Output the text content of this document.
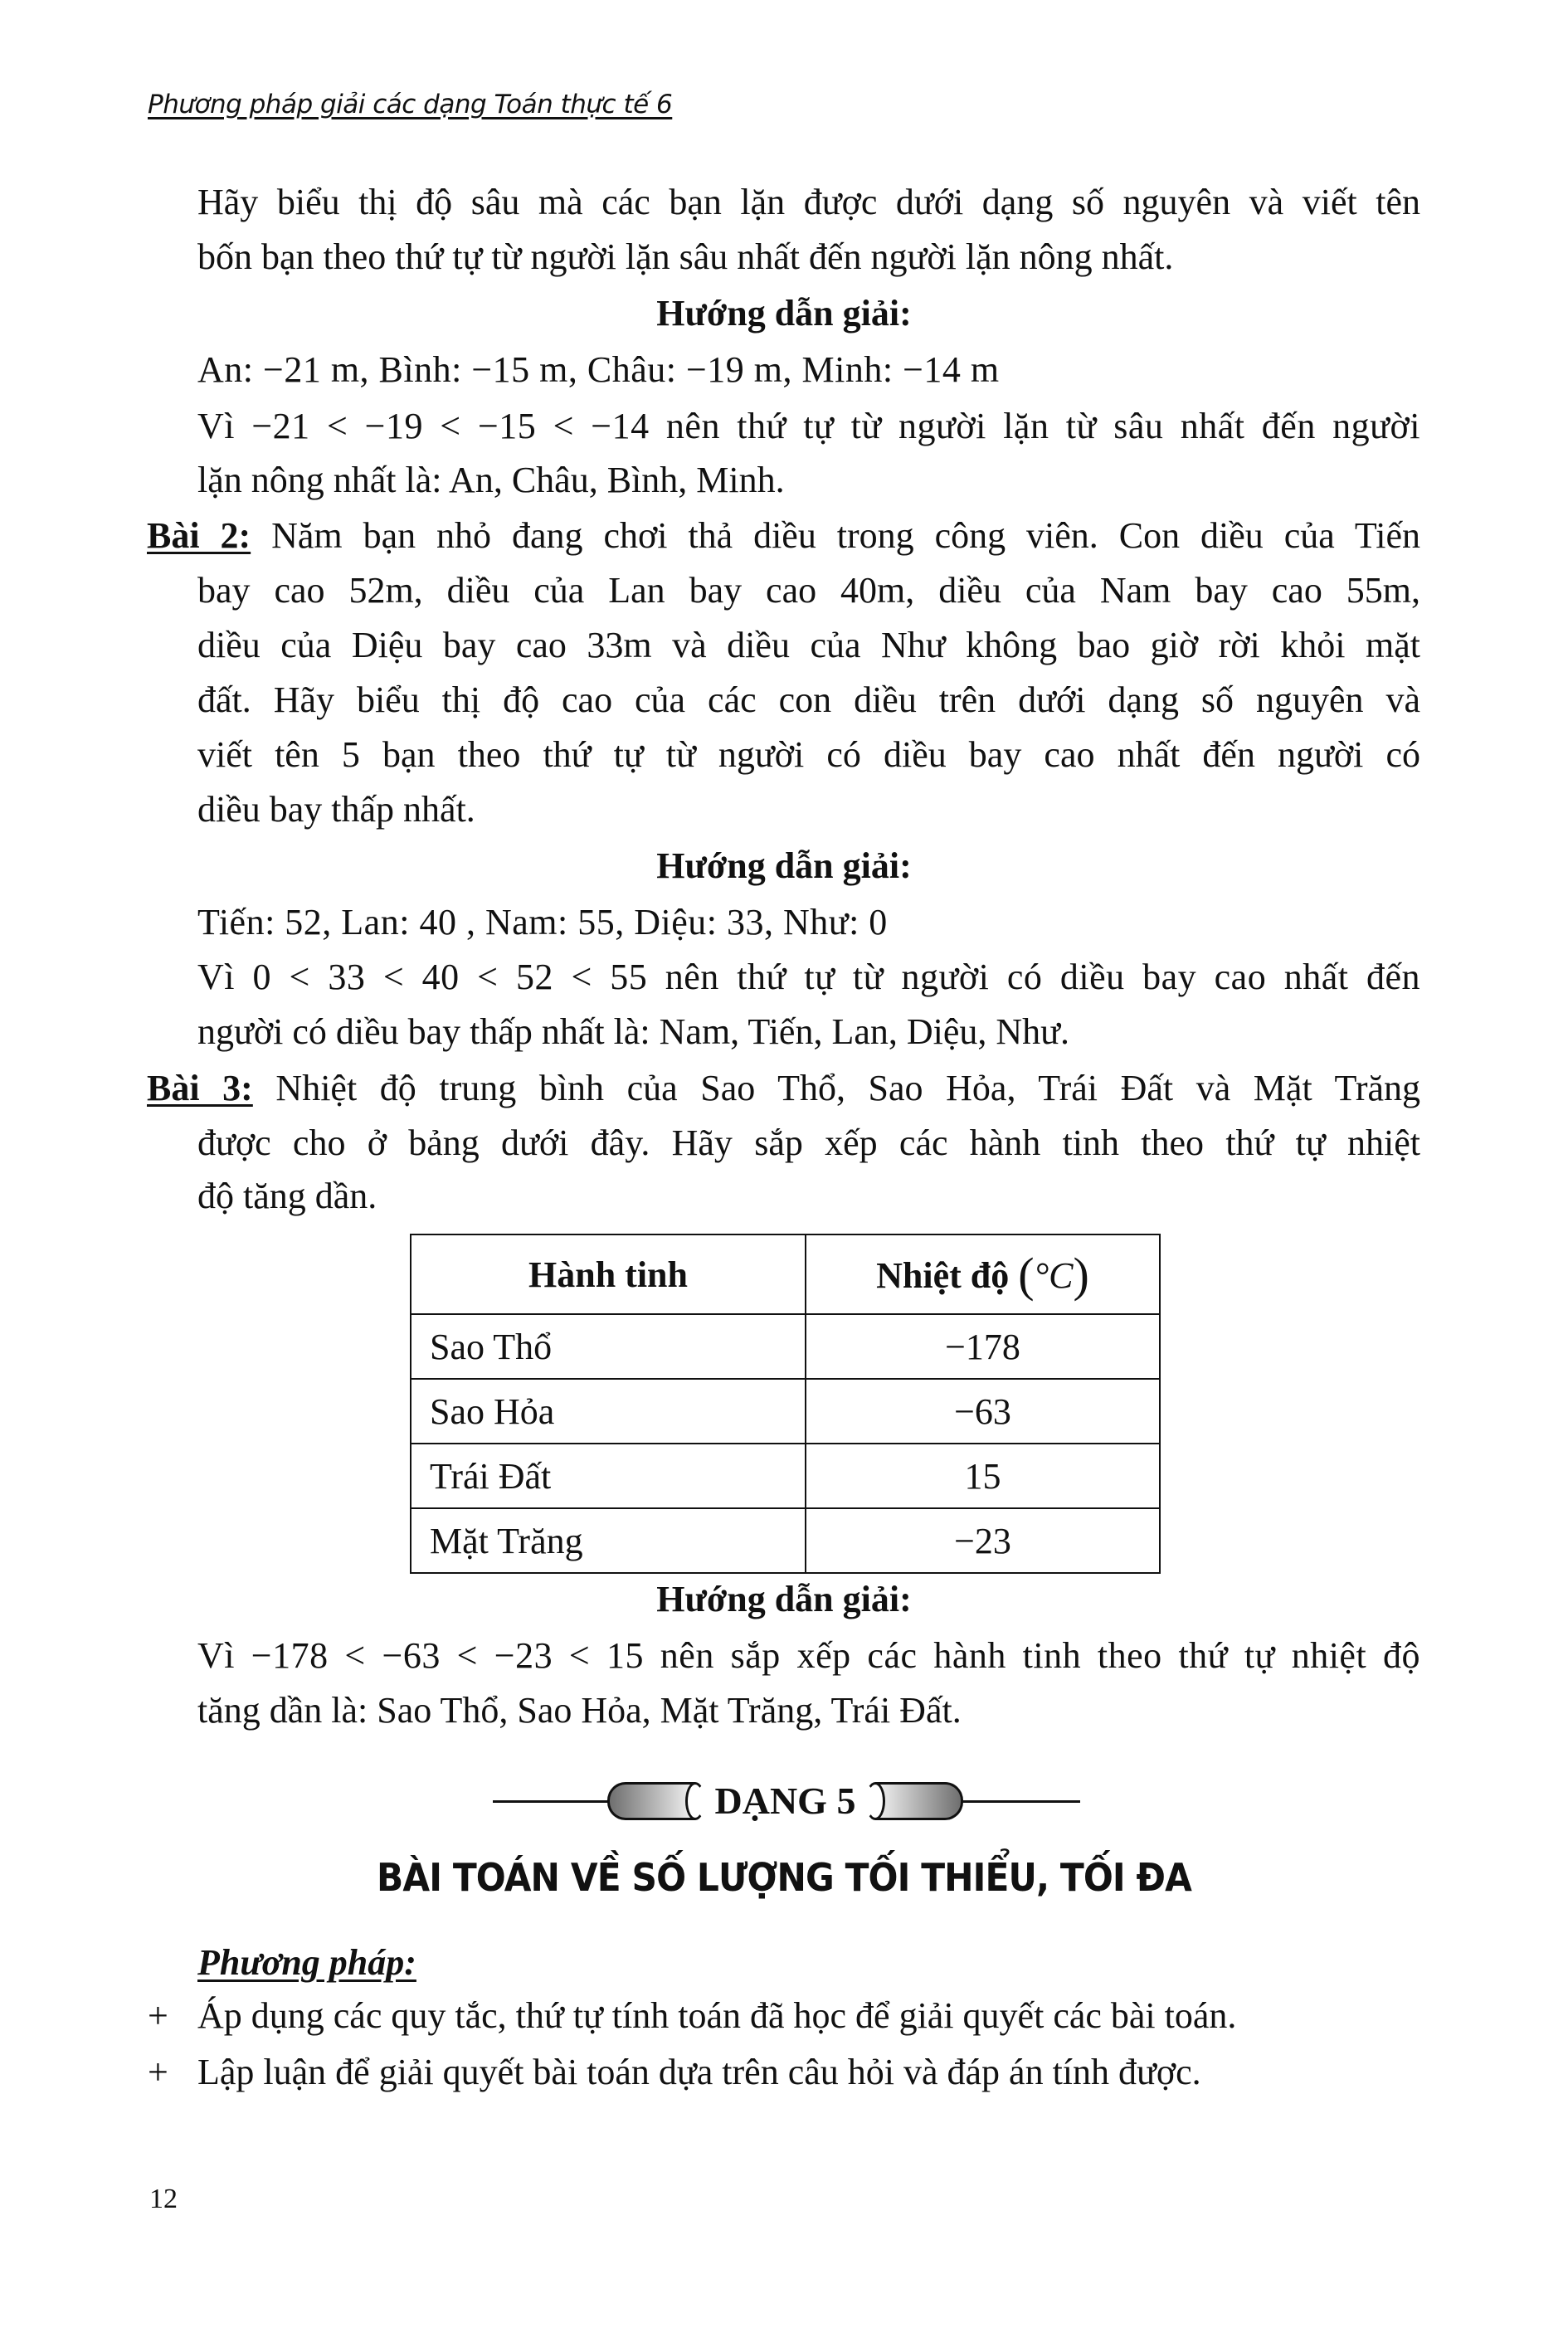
Phương pháp giải các dạng Toán thực tế 6
Hãy biểu thị độ sâu mà các bạn lặn được dưới dạng số nguyên và viết tên
bốn bạn theo thứ tự từ người lặn sâu nhất đến người lặn nông nhất.
Hướng dẫn giải:
An: −21 m, Bình: −15 m, Châu: −19 m, Minh: −14 m
Vì −21 < −19 < −15 < −14 nên thứ tự từ người lặn từ sâu nhất đến người
lặn nông nhất là: An, Châu, Bình, Minh.
Bài 2: Năm bạn nhỏ đang chơi thả diều trong công viên. Con diều của Tiến
bay cao 52m, diều của Lan bay cao 40m, diều của Nam bay cao 55m,
diều của Diệu bay cao 33m và diều của Như không bao giờ rời khỏi mặt
đất. Hãy biểu thị độ cao của các con diều trên dưới dạng số nguyên và
viết tên 5 bạn theo thứ tự từ người có diều bay cao nhất đến người có
diều bay thấp nhất.
Hướng dẫn giải:
Tiến: 52, Lan: 40 , Nam: 55, Diệu: 33, Như: 0
Vì 0 < 33 < 40 < 52 < 55 nên thứ tự từ người có diều bay cao nhất đến
người có diều bay thấp nhất là: Nam, Tiến, Lan, Diệu, Như.
Bài 3: Nhiệt độ trung bình của Sao Thổ, Sao Hỏa, Trái Đất và Mặt Trăng
được cho ở bảng dưới đây. Hãy sắp xếp các hành tinh theo thứ tự nhiệt
độ tăng dần.
Hành tinh	Nhiệt độ (°C)
Sao Thổ	−178
Sao Hỏa	−63
Trái Đất	15
Mặt Trăng	−23
Hướng dẫn giải:
Vì −178 < −63 < −23 < 15 nên sắp xếp các hành tinh theo thứ tự nhiệt độ
tăng dần là: Sao Thổ, Sao Hỏa, Mặt Trăng, Trái Đất.
DẠNG 5
BÀI TOÁN VỀ SỐ LƯỢNG TỐI THIỂU, TỐI ĐA
Phương pháp:
+ Áp dụng các quy tắc, thứ tự tính toán đã học để giải quyết các bài toán.
+ Lập luận để giải quyết bài toán dựa trên câu hỏi và đáp án tính được.
12
